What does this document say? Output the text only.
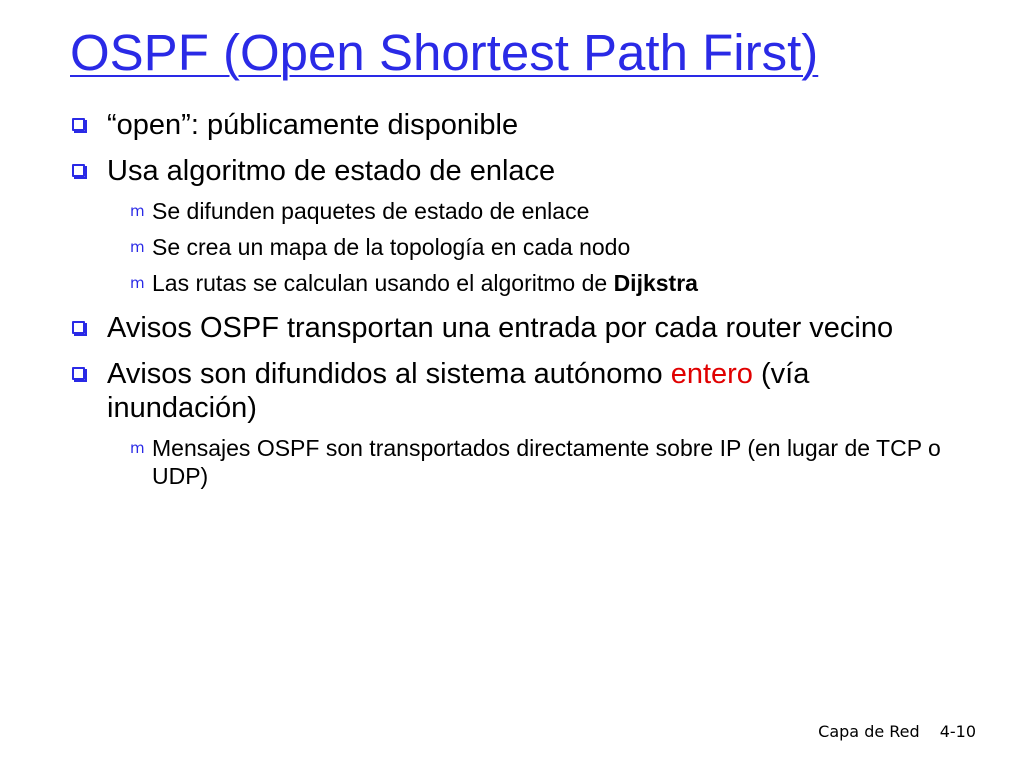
OSPF (Open Shortest Path First)
“open”: públicamente disponible
Usa algoritmo de estado de enlace
m Se difunden paquetes de estado de enlace
m Se crea un mapa de la topología en cada nodo
m Las rutas se calculan usando el algoritmo de Dijkstra
Avisos OSPF transportan una entrada por cada router vecino
Avisos son difundidos al sistema autónomo entero (vía inundación)
m Mensajes OSPF son transportados directamente sobre IP (en lugar de TCP o UDP)
Capa de Red 4-10
